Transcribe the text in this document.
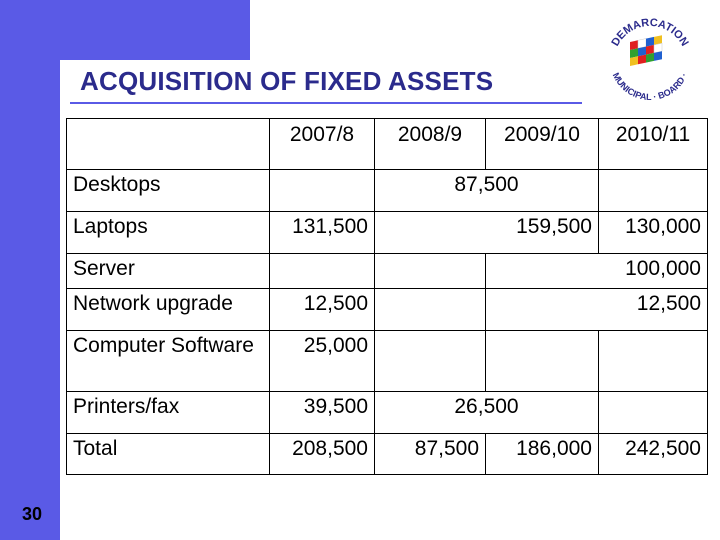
ACQUISITION OF FIXED ASSETS
DEMARCATION
MUNICIPAL · BOARD ·
	2007/8	2008/9	2009/10	2010/11
Desktops		87,500		
Laptops	131,500	159,500		130,000
Server			100,000	
Network upgrade	12,500		12,500	
Computer Software	25,000			
Printers/fax	39,500	26,500		
Total	208,500	87,500	186,000	242,500
30
